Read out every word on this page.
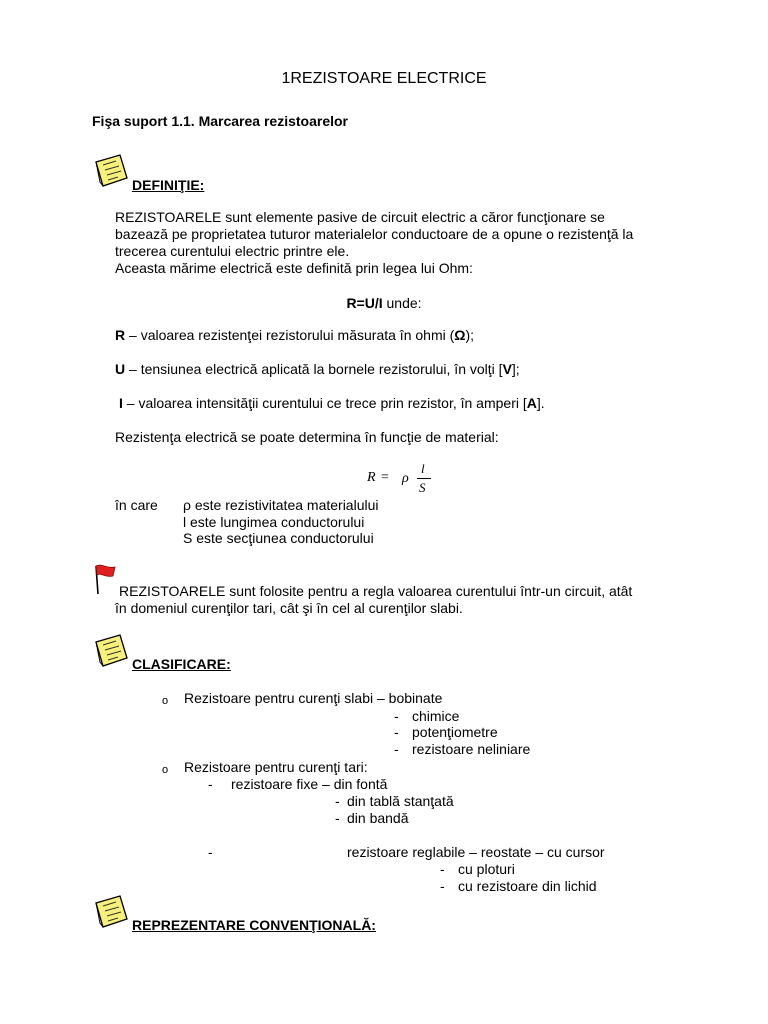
1REZISTOARE ELECTRICE
Fişa suport 1.1. Marcarea rezistoarelor
DEFINIŢIE:
REZISTOARELE sunt elemente pasive de circuit electric a căror funcţionare se
bazează pe proprietatea tuturor materialelor conductoare de a opune o rezistenţă la
trecerea curentului electric printre ele.
Aceasta mărime electrică este definită prin legea lui Ohm:
R=U/I unde:
R – valoarea rezistenţei rezistorului măsurata în ohmi (Ω);
U – tensiunea electrică aplicată la bornele rezistorului, în volţi [V];
I – valoarea intensităţii curentului ce trece prin rezistor, în amperi [A].
Rezistenţa electrică se poate determina în funcţie de material:
R = ρ
l
S
în care ρ este rezistivitatea materialului
l este lungimea conductorului
S este secţiunea conductorului
REZISTOARELE sunt folosite pentru a regla valoarea curentului într-un circuit, atât
în domeniul curenţilor tari, cât şi în cel al curenţilor slabi.
CLASIFICARE:
o Rezistoare pentru curenţi slabi – bobinate
- chimice
- potenţiometre
- rezistoare neliniare
o Rezistoare pentru curenţi tari:
- rezistoare fixe – din fontă
- din tablă stanţată
- din bandă
-	rezistoare reglabile – reostate – cu cursor
- cu ploturi
- cu rezistoare din lichid
REPREZENTARE CONVENŢIONALĂ:
